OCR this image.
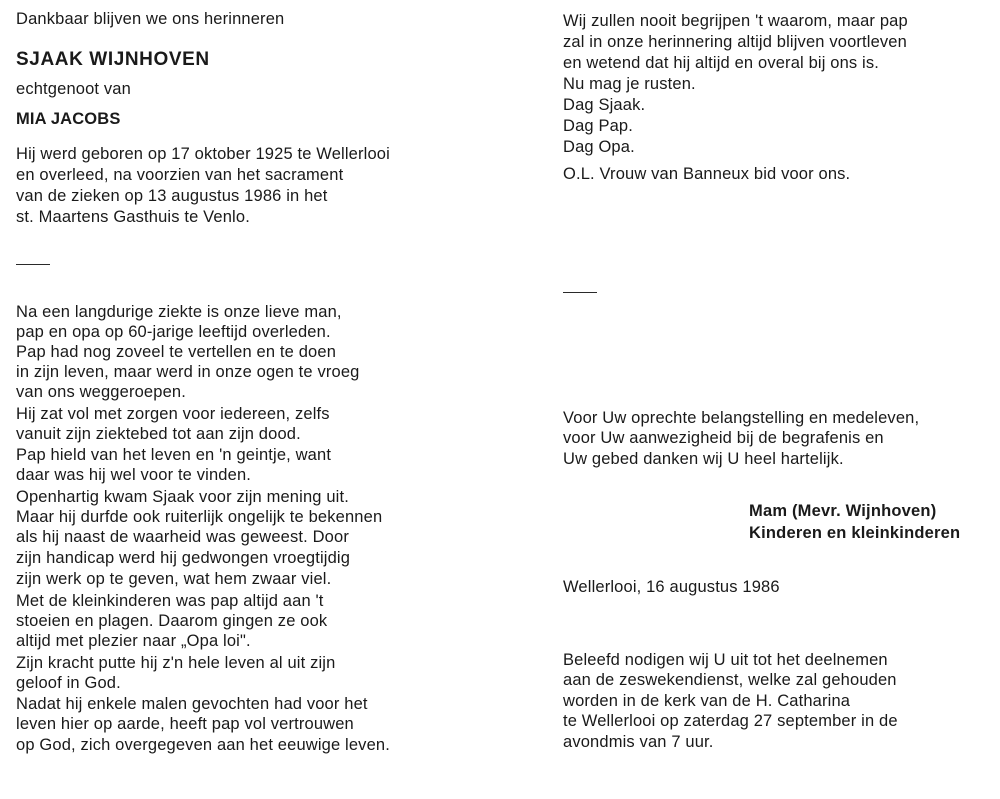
Dankbaar blijven we ons herinneren
SJAAK WIJNHOVEN
echtgenoot van
MIA JACOBS
Hij werd geboren op 17 oktober 1925 te Wellerlooi
en overleed, na voorzien van het sacrament
van de zieken op 13 augustus 1986 in het
st. Maartens Gasthuis te Venlo.
Na een langdurige ziekte is onze lieve man,
pap en opa op 60-jarige leeftijd overleden.
Pap had nog zoveel te vertellen en te doen
in zijn leven, maar werd in onze ogen te vroeg
van ons weggeroepen.
Hij zat vol met zorgen voor iedereen, zelfs
vanuit zijn ziektebed tot aan zijn dood.
Pap hield van het leven en 'n geintje, want
daar was hij wel voor te vinden.
Openhartig kwam Sjaak voor zijn mening uit.
Maar hij durfde ook ruiterlijk ongelijk te bekennen
als hij naast de waarheid was geweest. Door
zijn handicap werd hij gedwongen vroegtijdig
zijn werk op te geven, wat hem zwaar viel.
Met de kleinkinderen was pap altijd aan 't
stoeien en plagen. Daarom gingen ze ook
altijd met plezier naar „Opa loi".
Zijn kracht putte hij z'n hele leven al uit zijn
geloof in God.
Nadat hij enkele malen gevochten had voor het
leven hier op aarde, heeft pap vol vertrouwen
op God, zich overgegeven aan het eeuwige leven.
Wij zullen nooit begrijpen 't waarom, maar pap
zal in onze herinnering altijd blijven voortleven
en wetend dat hij altijd en overal bij ons is.
Nu mag je rusten.
Dag Sjaak.
Dag Pap.
Dag Opa.
O.L. Vrouw van Banneux bid voor ons.
Voor Uw oprechte belangstelling en medeleven,
voor Uw aanwezigheid bij de begrafenis en
Uw gebed danken wij U heel hartelijk.
Mam (Mevr. Wijnhoven)
Kinderen en kleinkinderen
Wellerlooi, 16 augustus 1986
Beleefd nodigen wij U uit tot het deelnemen
aan de zeswekendienst, welke zal gehouden
worden in de kerk van de H. Catharina
te Wellerlooi op zaterdag 27 september in de
avondmis van 7 uur.
